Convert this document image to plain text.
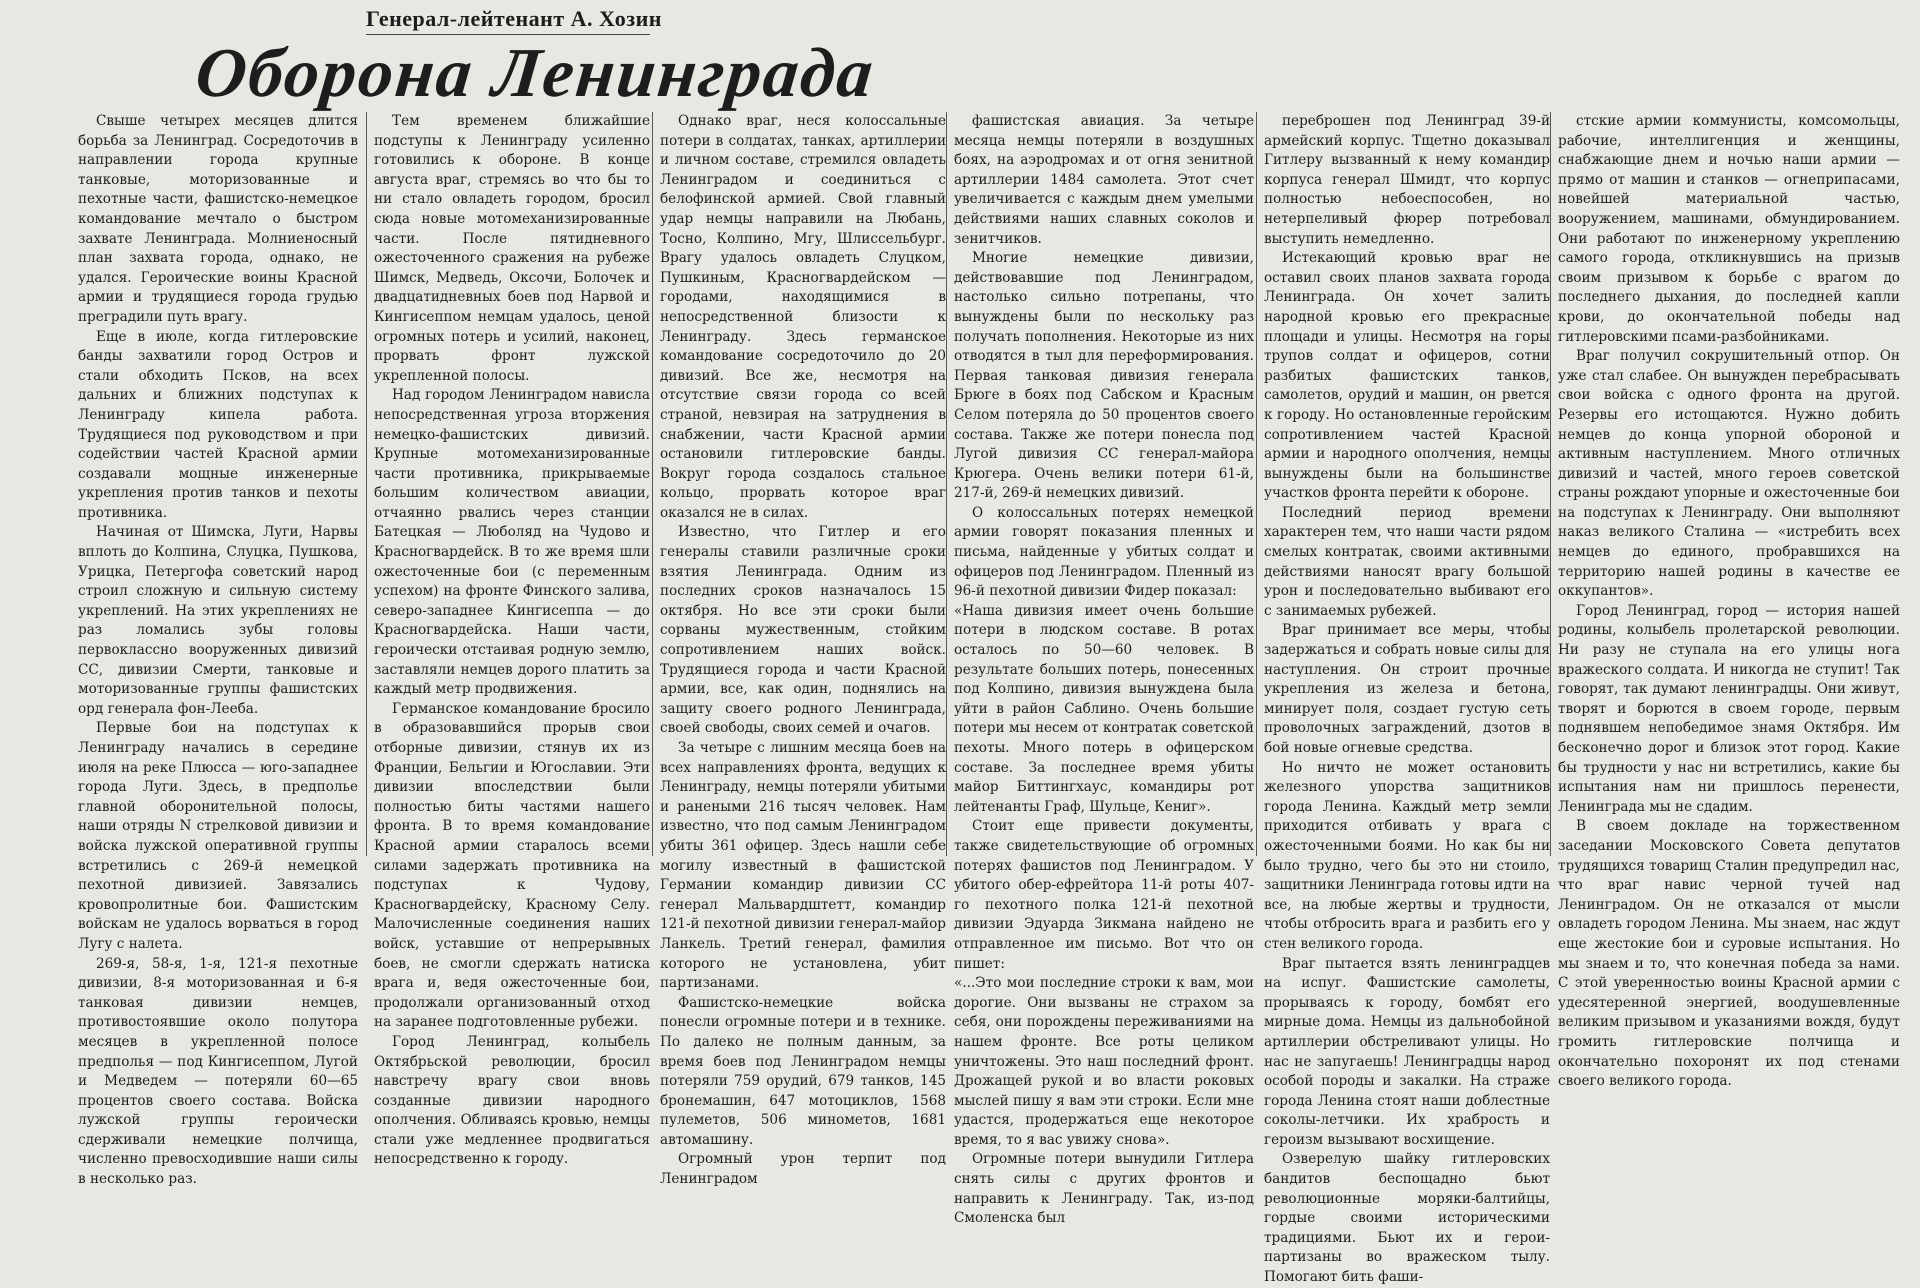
Генерал-лейтенант А. Хозин
Оборона Ленинграда

Свыше четырех месяцев длится борьба за Ленинград. Сосредоточив в направлении города крупные танковые, моторизованные и пехотные части, фашистско-немецкое командование мечтало о быстром захвате Ленинграда. Молниеносный план захвата города, однако, не удался. Героические воины Красной армии и трудящиеся города грудью преградили путь врагу.

Еще в июле, когда гитлеровские банды захватили город Остров и стали обходить Псков, на всех дальних и ближних подступах к Ленинграду кипела работа. Трудящиеся под руководством и при содействии частей Красной армии создавали мощные инженерные укрепления против танков и пехоты противника.

Начиная от Шимска, Луги, Нарвы вплоть до Колпина, Слуцка, Пушкова, Урицка, Петергофа советский народ строил сложную и сильную систему укреплений. На этих укреплениях не раз ломались зубы головы первоклассно вооруженных дивизий СС, дивизии Смерти, танковые и моторизованные группы фашистских орд генерала фон-Лееба.

Первые бои на подступах к Ленинграду начались в середине июля на реке Плюсса — юго-западнее города Луги. Здесь, в предполье главной оборонительной полосы, наши отряды N стрелковой дивизии и войска лужской оперативной группы встретились с 269-й немецкой пехотной дивизией. Завязались кровопролитные бои. Фашистским войскам не удалось ворваться в город Лугу с налета.

269-я, 58-я, 1-я, 121-я пехотные дивизии, 8-я моторизованная и 6-я танковая дивизии немцев, противостоявшие около полутора месяцев в укрепленной полосе предполья — под Кингисеппом, Лугой и Медведем — потеряли 60—65 процентов своего состава. Войска лужской группы героически сдерживали немецкие полчища, численно превосходившие наши силы в несколько раз.

Тем временем ближайшие подступы к Ленинграду усиленно готовились к обороне. В конце августа враг, стремясь во что бы то ни стало овладеть городом, бросил сюда новые мотомеханизированные части. После пятидневного ожесточенного сражения на рубеже Шимск, Медведь, Оксочи, Болочек и двадцатидневных боев под Нарвой и Кингисеппом немцам удалось, ценой огромных потерь и усилий, наконец, прорвать фронт лужской укрепленной полосы.

Над городом Ленинградом нависла непосредственная угроза вторжения немецко-фашистских дивизий. Крупные мотомеханизированные части противника, прикрываемые большим количеством авиации, отчаянно рвались через станции Батецкая — Люболяд на Чудово и Красногвардейск. В то же время шли ожесточенные бои (с переменным успехом) на фронте Финского залива, северо-западнее Кингисеппа — до Красногвардейска. Наши части, героически отстаивая родную землю, заставляли немцев дорого платить за каждый метр продвижения.

Германское командование бросило в образовавшийся прорыв свои отборные дивизии, стянув их из Франции, Бельгии и Югославии. Эти дивизии впоследствии были полностью биты частями нашего фронта. В то время командование Красной армии старалось всеми силами задержать противника на подступах к Чудову, Красногвардейску, Красному Селу. Малочисленные соединения наших войск, уставшие от непрерывных боев, не смогли сдержать натиска врага и, ведя ожесточенные бои, продолжали организованный отход на заранее подготовленные рубежи.

Город Ленинград, колыбель Октябрьской революции, бросил навстречу врагу свои вновь созданные дивизии народного ополчения. Обливаясь кровью, немцы стали уже медленнее продвигаться непосредственно к городу.

Однако враг, неся колоссальные потери в солдатах, танках, артиллерии и личном составе, стремился овладеть Ленинградом и соединиться с белофинской армией. Свой главный удар немцы направили на Любань, Тосно, Колпино, Мгу, Шлиссельбург. Врагу удалось овладеть Слуцком, Пушкиным, Красногвардейском — городами, находящимися в непосредственной близости к Ленинграду. Здесь германское командование сосредоточило до 20 дивизий. Все же, несмотря на отсутствие связи города со всей страной, невзирая на затруднения в снабжении, части Красной армии остановили гитлеровские банды. Вокруг города создалось стальное кольцо, прорвать которое враг оказался не в силах.

Известно, что Гитлер и его генералы ставили различные сроки взятия Ленинграда. Одним из последних сроков назначалось 15 октября. Но все эти сроки были сорваны мужественным, стойким сопротивлением наших войск. Трудящиеся города и части Красной армии, все, как один, поднялись на защиту своего родного Ленинграда, своей свободы, своих семей и очагов.

За четыре с лишним месяца боев на всех направлениях фронта, ведущих к Ленинграду, немцы потеряли убитыми и ранеными 216 тысяч человек. Нам известно, что под самым Ленинградом убиты 361 офицер. Здесь нашли себе могилу известный в фашистской Германии командир дивизии СС генерал Мальвардштетт, командир 121-й пехотной дивизии генерал-майор Ланкель. Третий генерал, фамилия которого не установлена, убит партизанами.

Фашистско-немецкие войска понесли огромные потери и в технике. По далеко не полным данным, за время боев под Ленинградом немцы потеряли 759 орудий, 679 танков, 145 бронемашин, 647 мотоциклов, 1568 пулеметов, 506 минометов, 1681 автомашину.

Огромный урон терпит под Ленинградом

фашистская авиация. За четыре месяца немцы потеряли в воздушных боях, на аэродромах и от огня зенитной артиллерии 1484 самолета. Этот счет увеличивается с каждым днем умелыми действиями наших славных соколов и зенитчиков.

Многие немецкие дивизии, действовавшие под Ленинградом, настолько сильно потрепаны, что вынуждены были по нескольку раз получать пополнения. Некоторые из них отводятся в тыл для переформирования. Первая танковая дивизия генерала Брюге в боях под Сабском и Красным Селом потеряла до 50 процентов своего состава. Также же потери понесла под Лугой дивизия СС генерал-майора Крюгера. Очень велики потери 61-й, 217-й, 269-й немецких дивизий.

О колоссальных потерях немецкой армии говорят показания пленных и письма, найденные у убитых солдат и офицеров под Ленинградом. Пленный из 96-й пехотной дивизии Фидер показал:

«Наша дивизия имеет очень большие потери в людском составе. В ротах осталось по 50—60 человек. В результате больших потерь, понесенных под Колпино, дивизия вынуждена была уйти в район Саблино. Очень большие потери мы несем от контратак советской пехоты. Много потерь в офицерском составе. За последнее время убиты майор Биттингхаус, командиры рот лейтенанты Граф, Шульце, Кениг».

Стоит еще привести документы, также свидетельствующие об огромных потерях фашистов под Ленинградом. У убитого обер-ефрейтора 11-й роты 407-го пехотного полка 121-й пехотной дивизии Эдуарда Зикмана найдено не отправленное им письмо. Вот что он пишет:

«...Это мои последние строки к вам, мои дорогие. Они вызваны не страхом за себя, они порождены переживаниями на нашем фронте. Все роты целиком уничтожены. Это наш последний фронт. Дрожащей рукой и во власти роковых мыслей пишу я вам эти строки. Если мне удастся, продержаться еще некоторое время, то я вас увижу снова».

Огромные потери вынудили Гитлера снять силы с других фронтов и направить к Ленинграду. Так, из-под Смоленска был

переброшен под Ленинград 39-й армейский корпус. Тщетно доказывал Гитлеру вызванный к нему командир корпуса генерал Шмидт, что корпус полностью небоеспособен, но нетерпеливый фюрер потребовал выступить немедленно.

Истекающий кровью враг не оставил своих планов захвата города Ленинграда. Он хочет залить народной кровью его прекрасные площади и улицы. Несмотря на горы трупов солдат и офицеров, сотни разбитых фашистских танков, самолетов, орудий и машин, он рвется к городу. Но остановленные геройским сопротивлением частей Красной армии и народного ополчения, немцы вынуждены были на большинстве участков фронта перейти к обороне.

Последний период времени характерен тем, что наши части рядом смелых контратак, своими активными действиями наносят врагу большой урон и последовательно выбивают его с занимаемых рубежей.

Враг принимает все меры, чтобы задержаться и собрать новые силы для наступления. Он строит прочные укрепления из железа и бетона, минирует поля, создает густую сеть проволочных заграждений, дзотов в бой новые огневые средства.

Но ничто не может остановить железного упорства защитников города Ленина. Каждый метр земли приходится отбивать у врага с ожесточенными боями. Но как бы ни было трудно, чего бы это ни стоило, защитники Ленинграда готовы идти на все, на любые жертвы и трудности, чтобы отбросить врага и разбить его у стен великого города.

Враг пытается взять ленинградцев на испуг. Фашистские самолеты, прорываясь к городу, бомбят его мирные дома. Немцы из дальнобойной артиллерии обстреливают улицы. Но нас не запугаешь! Ленинградцы народ особой породы и закалки. На страже города Ленина стоят наши доблестные соколы-летчики. Их храбрость и героизм вызывают восхищение.

Озверелую шайку гитлеровских бандитов беспощадно бьют революционные моряки-балтийцы, гордые своими историческими традициями. Бьют их и герои-партизаны во вражеском тылу. Помогают бить фаши-

стские армии коммунисты, комсомольцы, рабочие, интеллигенция и женщины, снабжающие днем и ночью наши армии — прямо от машин и станков — огнеприпасами, новейшей материальной частью, вооружением, машинами, обмундированием. Они работают по инженерному укреплению самого города, откликнувшись на призыв своим призывом к борьбе с врагом до последнего дыхания, до последней капли крови, до окончательной победы над гитлеровскими псами-разбойниками.

Враг получил сокрушительный отпор. Он уже стал слабее. Он вынужден перебрасывать свои войска с одного фронта на другой. Резервы его истощаются. Нужно добить немцев до конца упорной обороной и активным наступлением. Много отличных дивизий и частей, много героев советской страны рождают упорные и ожесточенные бои на подступах к Ленинграду. Они выполняют наказ великого Сталина — «истребить всех немцев до единого, пробравшихся на территорию нашей родины в качестве ее оккупантов».

Город Ленинград, город — история нашей родины, колыбель пролетарской революции. Ни разу не ступала на его улицы нога вражеского солдата. И никогда не ступит! Так говорят, так думают ленинградцы. Они живут, творят и борются в своем городе, первым поднявшем непобедимое знамя Октября. Им бесконечно дорог и близок этот город. Какие бы трудности у нас ни встретились, какие бы испытания нам ни пришлось перенести, Ленинграда мы не сдадим.

В своем докладе на торжественном заседании Московского Совета депутатов трудящихся товарищ Сталин предупредил нас, что враг навис черной тучей над Ленинградом. Он не отказался от мысли овладеть городом Ленина. Мы знаем, нас ждут еще жестокие бои и суровые испытания. Но мы знаем и то, что конечная победа за нами. С этой уверенностью воины Красной армии с удесятеренной энергией, воодушевленные великим призывом и указаниями вождя, будут громить гитлеровские полчища и окончательно похоронят их под стенами своего великого города.
